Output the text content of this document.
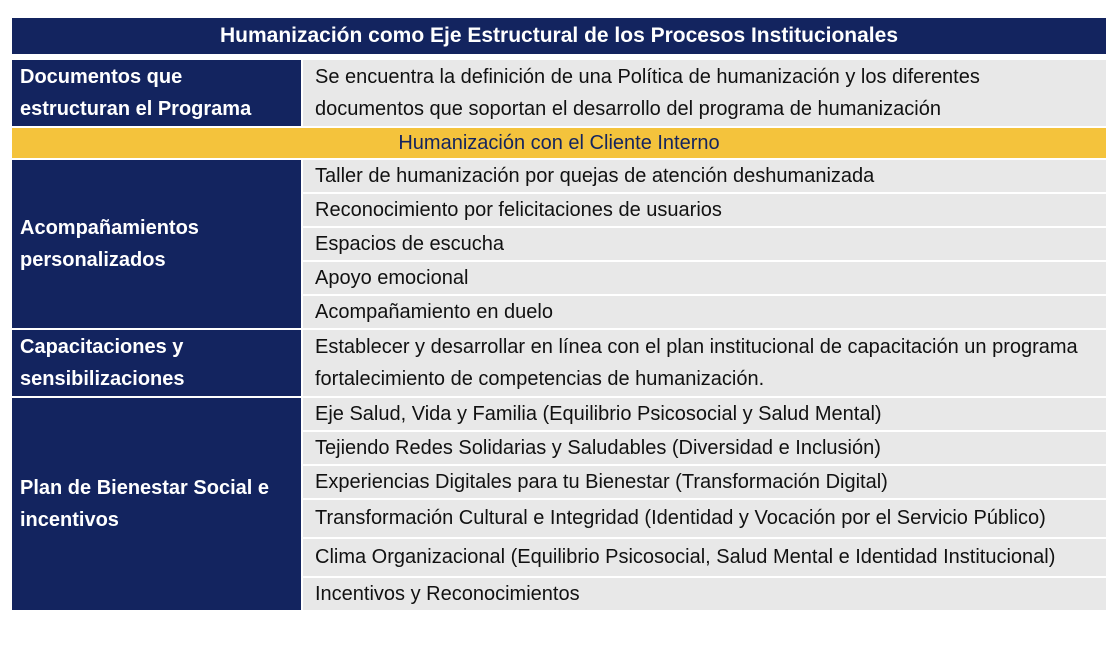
Humanización como Eje Estructural de los Procesos Institucionales	
Documentos que estructuran el Programa	Se encuentra la definición de una Política de humanización y los diferentes documentos que soportan el desarrollo del programa de humanización
Humanización con el Cliente Interno	
Acompañamientos personalizados	Taller de humanización por quejas de atención deshumanizada
	Reconocimiento por felicitaciones de usuarios
	Espacios de escucha
	Apoyo emocional
	Acompañamiento en duelo
Capacitaciones y sensibilizaciones	Establecer y desarrollar en línea con el plan institucional de capacitación un programa fortalecimiento de competencias de humanización.
Plan de Bienestar Social e incentivos	Eje Salud, Vida y Familia (Equilibrio Psicosocial y Salud Mental)
	Tejiendo Redes Solidarias y Saludables (Diversidad e Inclusión)
	Experiencias Digitales para tu Bienestar (Transformación Digital)
	Transformación Cultural e Integridad (Identidad y Vocación por el Servicio Público)
	Clima Organizacional (Equilibrio Psicosocial, Salud Mental e Identidad Institucional)
	Incentivos y Reconocimientos
